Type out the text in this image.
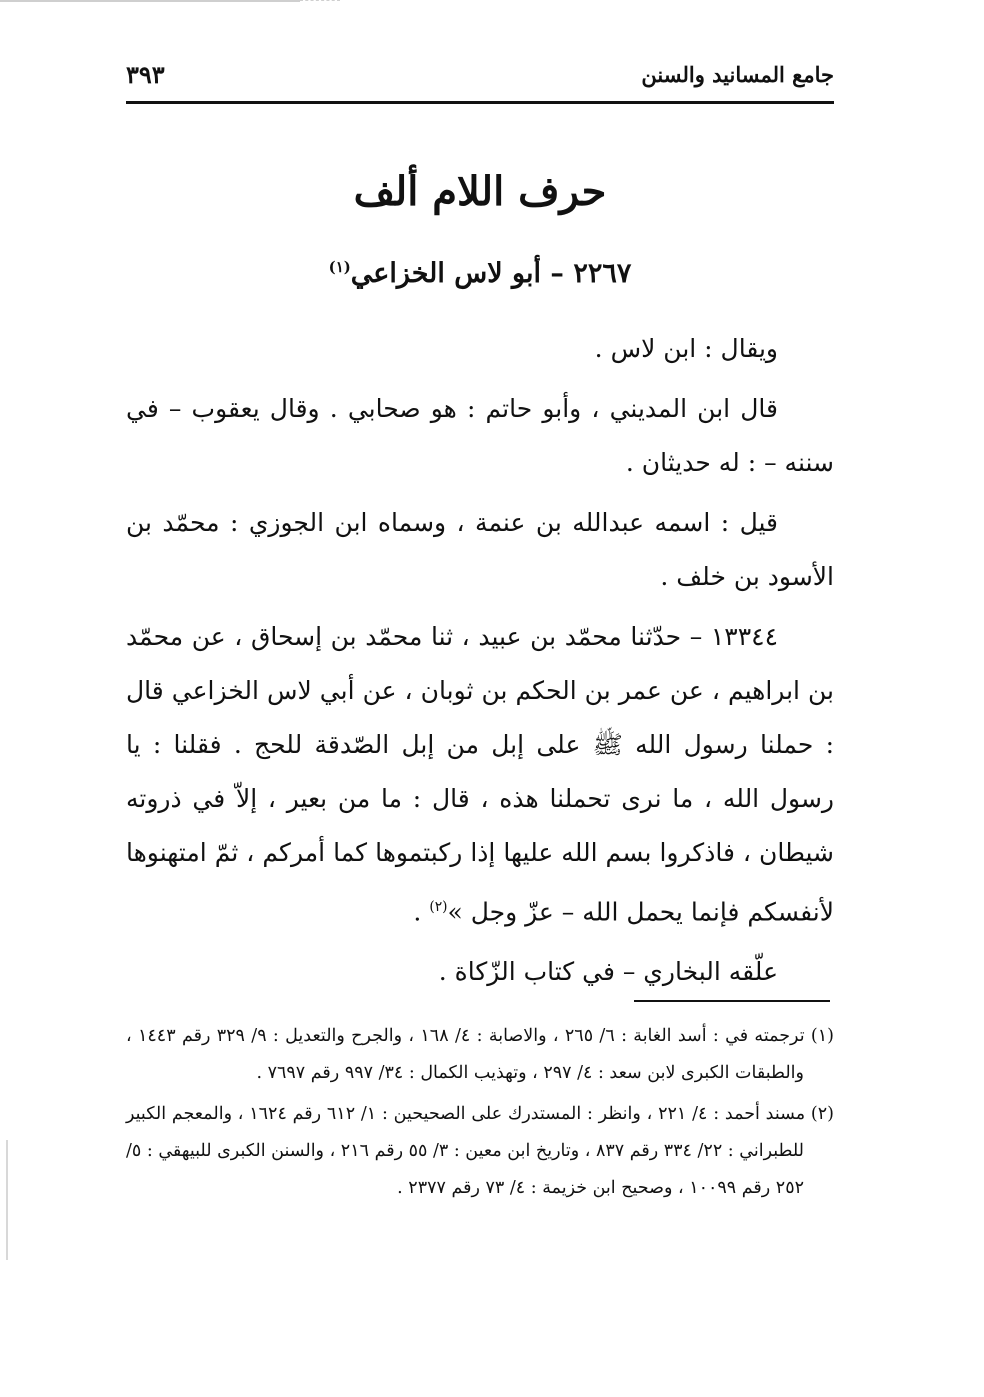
جامع المسانيد والسنن
٣٩٣
حرف اللام ألف
٢٢٦٧ – أبو لاس الخزاعي$^{(١)}$

ويقال : ابن لاس .

قال ابن المديني ، وأبو حاتم : هو صحابي . وقال يعقوب – في سننه – : له حديثان .

قيل : اسمه عبدالله بن عنمة ، وسماه ابن الجوزي : محمّد بن الأسود بن خلف .

١٣٣٤٤ – حدّثنا محمّد بن عبيد ، ثنا محمّد بن إسحاق ، عن محمّد بن ابراهيم ، عن عمر بن الحكم بن ثوبان ، عن أبي لاس الخزاعي قال : حملنا رسول الله ﷺ على إبل من إبل الصّدقة للحج . فقلنا : يا رسول الله ، ما نرى تحملنا هذه ، قال : ما من بعير ، إلاّ في ذروته شيطان ، فاذكروا بسم الله عليها إذا ركبتموها كما أمركم ، ثمّ امتهنوها لأنفسكم فإنما يحمل الله – عزّ وجل »$^{(٢)}$ .

علّقه البخاري – في كتاب الزّكاة .

(١) ترجمته في : أسد الغابة : ٦/ ٢٦٥ ، والاصابة : ٤/ ١٦٨ ، والجرح والتعديل : ٩/ ٣٢٩ رقم ١٤٤٣ ، والطبقات الكبرى لابن سعد : ٤/ ٢٩٧ ، وتهذيب الكمال : ٣٤/ ٩٩٧ رقم ٧٦٩٧ .

(٢) مسند أحمد : ٤/ ٢٢١ ، وانظر : المستدرك على الصحيحين : ١/ ٦١٢ رقم ١٦٢٤ ، والمعجم الكبير للطبراني : ٢٢/ ٣٣٤ رقم ٨٣٧ ، وتاريخ ابن معين : ٣/ ٥٥ رقم ٢١٦ ، والسنن الكبرى للبيهقي : ٥/ ٢٥٢ رقم ١٠٠٩٩ ، وصحيح ابن خزيمة : ٤/ ٧٣ رقم ٢٣٧٧ .
